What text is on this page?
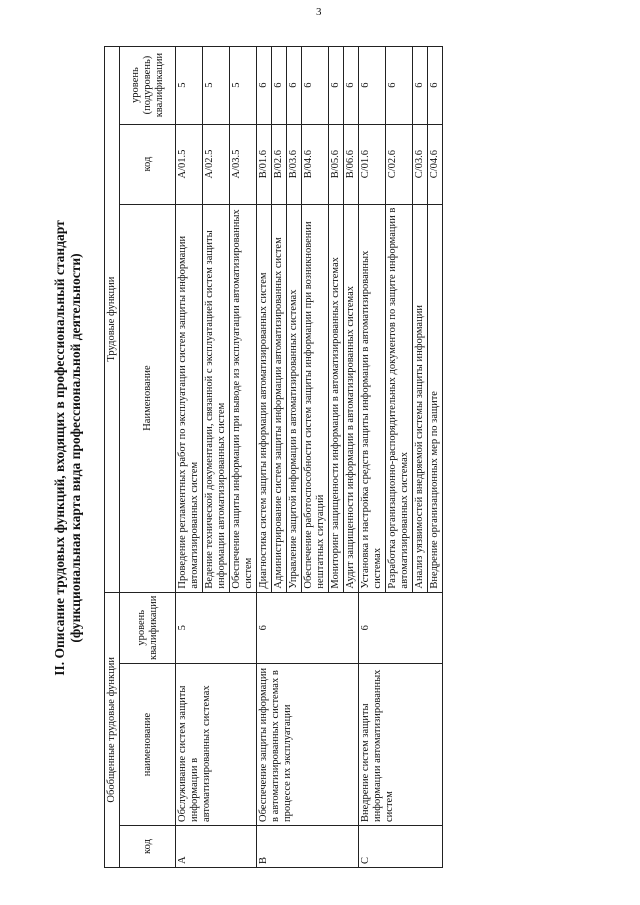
3
II. Описание трудовых функций, входящих в профессиональный стандарт (функциональная карта вида профессиональной деятельности)
Обобщенные трудовые функции			Трудовые функции		
код	наименование	уровень квалификации	Наименование	код	уровень (подуровень) квалификации
A	Обслуживание систем защиты информации в автоматизированных системах	5	Проведение регламентных работ по эксплуатации систем защиты информации автоматизированных систем	A/01.5	5
			Ведение технической документации, связанной с эксплуатацией систем защиты информации автоматизированных систем	A/02.5	5
			Обеспечение защиты информации при выводе из эксплуатации автоматизированных систем	A/03.5	5
B	Обеспечение защиты информации в автоматизированных системах в процессе их эксплуатации	6	Диагностика систем защиты информации автоматизированных систем	B/01.6	6
			Администрирование систем защиты информации автоматизированных систем	B/02.6	6
			Управление защитой информации в автоматизированных системах	B/03.6	6
			Обеспечение работоспособности систем защиты информации при возникновении нештатных ситуаций	B/04.6	6
			Мониторинг защищенности информации в автоматизированных системах	B/05.6	6
			Аудит защищенности информации в автоматизированных системах	B/06.6	6
C	Внедрение систем защиты информации автоматизированных систем	6	Установка и настройка средств защиты информации в автоматизированных системах	C/01.6	6
			Разработка организационно-распорядительных документов по защите информации в автоматизированных системах	C/02.6	6
			Анализ уязвимостей внедряемой системы защиты информации	C/03.6	6
			Внедрение организационных мер по защите	C/04.6	6
